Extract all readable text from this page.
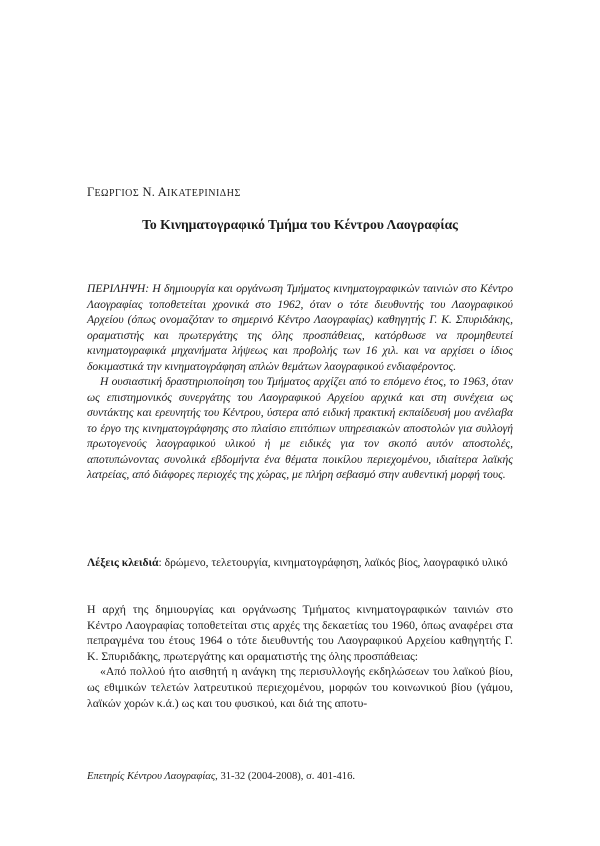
ΓΕΩΡΓΙΟΣ Ν. ΑΙΚΑΤΕΡΙΝΙΔΗΣ
Το Κινηματογραφικό Τμήμα του Κέντρου Λαογραφίας

ΠΕΡΙΛΗΨΗ: Η δημιουργία και οργάνωση Τμήματος κινηματογραφικών ταινιών στο Κέντρο Λαογραφίας τοποθετείται χρονικά στο 1962, όταν ο τότε διευθυντής του Λαογραφικού Αρχείου (όπως ονομαζόταν το σημερινό Κέντρο Λαογραφίας) καθηγητής Γ. Κ. Σπυριδάκης, οραματιστής και πρωτεργάτης της όλης προσπάθειας, κατόρθωσε να προμηθευτεί κινηματογραφικά μηχανήματα λήψεως και προβολής των 16 χιλ. και να αρχίσει ο ίδιος δοκιμαστικά την κινηματογράφηση απλών θεμάτων λαογραφικού ενδιαφέροντος.

Η ουσιαστική δραστηριοποίηση του Τμήματος αρχίζει από το επόμενο έτος, το 1963, όταν ως επιστημονικός συνεργάτης του Λαογραφικού Αρχείου αρχικά και στη συνέχεια ως συντάκτης και ερευνητής του Κέντρου, ύστερα από ειδική πρακτική εκπαίδευσή μου ανέλαβα το έργο της κινηματογράφησης στο πλαίσιο επιτόπιων υπηρεσιακών αποστολών για συλλογή πρωτογενούς λαογραφικού υλικού ή με ειδικές για τον σκοπό αυτόν αποστολές, αποτυπώνοντας συνολικά εβδομήντα ένα θέματα ποικίλου περιεχομένου, ιδιαίτερα λαϊκής λατρείας, από διάφορες περιοχές της χώρας, με πλήρη σεβασμό στην αυθεντική μορφή τους.

Λέξεις κλειδιά: δρώμενο, τελετουργία, κινηματογράφηση, λαϊκός βίος, λαογραφικό υλικό

Η αρχή της δημιουργίας και οργάνωσης Τμήματος κινηματογραφικών ταινιών στο Κέντρο Λαογραφίας τοποθετείται στις αρχές της δεκαετίας του 1960, όπως αναφέρει στα πεπραγμένα του έτους 1964 ο τότε διευθυντής του Λαογραφικού Αρχείου καθηγητής Γ. Κ. Σπυριδάκης, πρωτεργάτης και οραματιστής της όλης προσπάθειας:

«Από πολλού ήτο αισθητή η ανάγκη της περισυλλογής εκδηλώσεων του λαϊκού βίου, ως εθιμικών τελετών λατρευτικού περιεχομένου, μορφών του κοινωνικού βίου (γάμου, λαϊκών χορών κ.ά.) ως και του φυσικού, και διά της αποτυ-

Επετηρίς Κέντρου Λαογραφίας, 31-32 (2004-2008), σ. 401-416.
